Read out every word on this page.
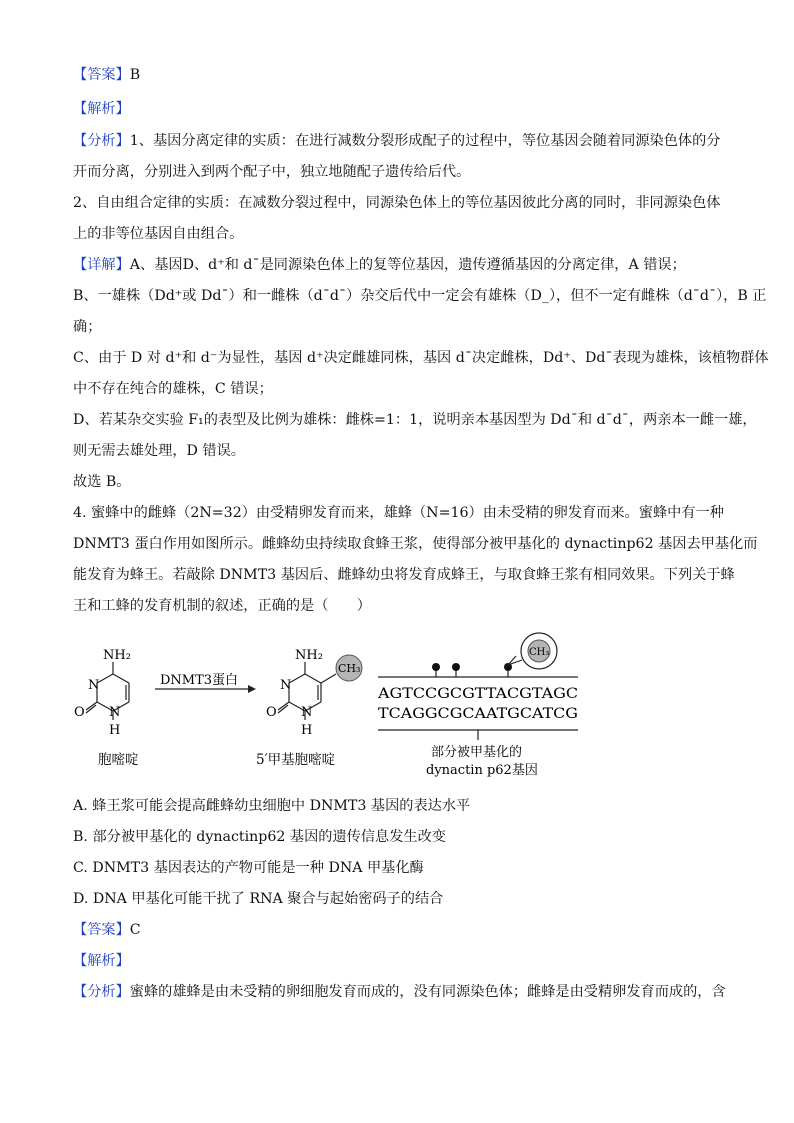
【答案】B
【解析】
【分析】1、基因分离定律的实质：在进行减数分裂形成配子的过程中，等位基因会随着同源染色体的分
开而分离，分别进入到两个配子中，独立地随配子遗传给后代。
2、自由组合定律的实质：在减数分裂过程中，同源染色体上的等位基因彼此分离的同时，非同源染色体
上的非等位基因自由组合。
【详解】A、基因D、d⁺和 dˉ是同源染色体上的复等位基因，遗传遵循基因的分离定律，A 错误；
B、一雄株（Dd⁺或 Ddˉ）和一雌株（dˉdˉ）杂交后代中一定会有雄株（D_），但不一定有雌株（dˉdˉ），B 正
确；
C、由于 D 对 d⁺和 d⁻为显性，基因 d⁺决定雌雄同株，基因 dˉ决定雌株，Dd⁺、Ddˉ表现为雄株，该植物群体
中不存在纯合的雄株，C 错误；
D、若某杂交实验 F₁的表型及比例为雄株：雌株=1：1，说明亲本基因型为 Ddˉ和 dˉdˉ，两亲本一雌一雄，
则无需去雄处理，D 错误。
故选 B。
4. 蜜蜂中的雌蜂（2N=32）由受精卵发育而来，雄蜂（N=16）由未受精的卵发育而来。蜜蜂中有一种
DNMT3 蛋白作用如图所示。雌蜂幼虫持续取食蜂王浆，使得部分被甲基化的 dynactinp62 基因去甲基化而
能发育为蜂王。若敲除 DNMT3 基因后、雌蜂幼虫将发育成蜂王，与取食蜂王浆有相同效果。下列关于蜂
王和工蜂的发育机制的叙述，正确的是（　　）
NH₂
N
N
O
H
胞嘧啶
DNMT3蛋白
CH₃
NH₂
N
N
O
H
5′甲基胞嘧啶
CH₃
AGTCCGCGTTACGTAGC
TCAGGCGCAATGCATCG
部分被甲基化的
dynactin p62基因
A. 蜂王浆可能会提高雌蜂幼虫细胞中 DNMT3 基因的表达水平
B. 部分被甲基化的 dynactinp62 基因的遗传信息发生改变
C. DNMT3 基因表达的产物可能是一种 DNA 甲基化酶
D. DNA 甲基化可能干扰了 RNA 聚合与起始密码子的结合
【答案】C
【解析】
【分析】蜜蜂的雄蜂是由未受精的卵细胞发育而成的，没有同源染色体；雌蜂是由受精卵发育而成的，含
